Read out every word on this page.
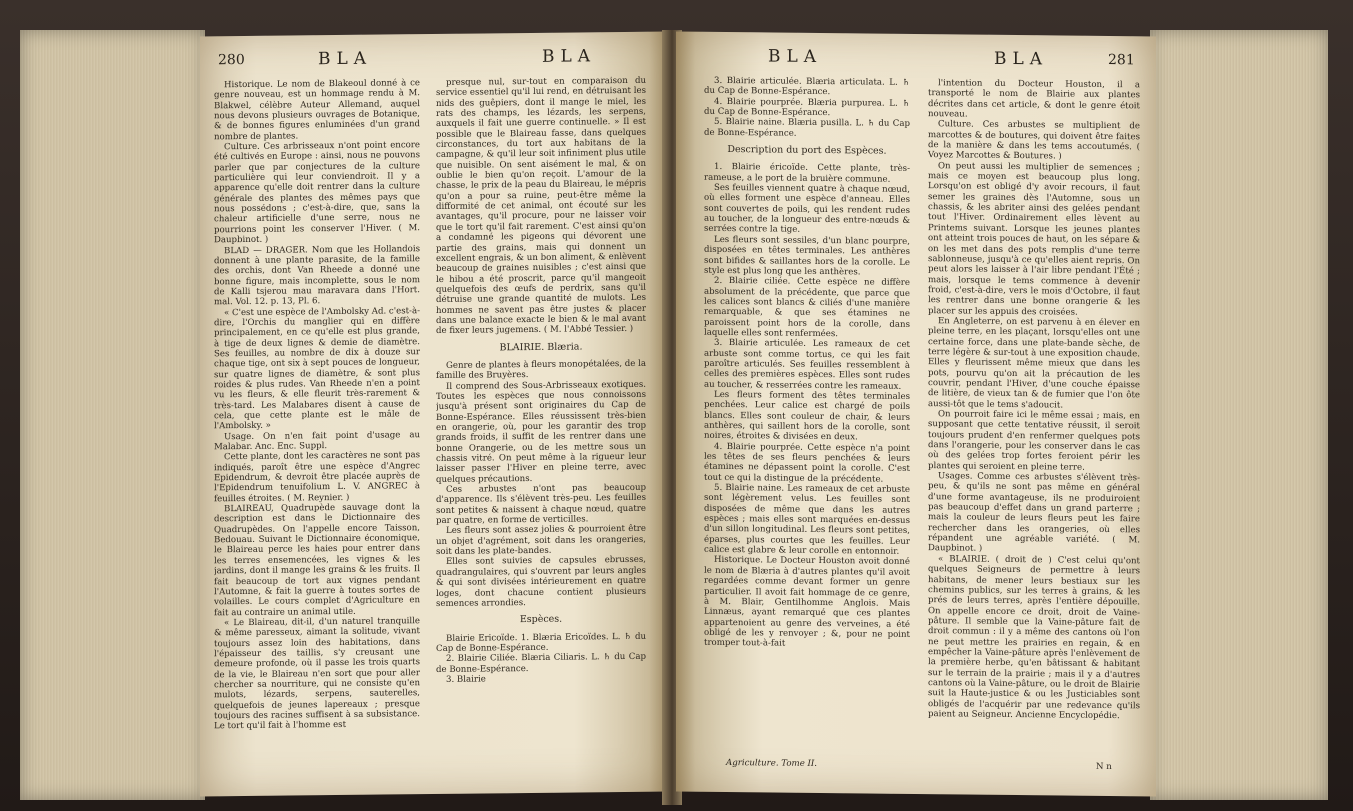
280	BLA	BLA

Historique. Le nom de Blakeoul donné à ce genre nouveau, est un hommage rendu à M. Blakwel, célèbre Auteur Allemand, auquel nous devons plusieurs ouvrages de Botanique, & de bonnes figures enluminées d'un grand nombre de plantes.

Culture. Ces arbrisseaux n'ont point encore été cultivés en Europe : ainsi, nous ne pouvons parler que par conjectures de la culture particulière qui leur conviendroit. Il y a apparence qu'elle doit rentrer dans la culture générale des plantes des mêmes pays que nous possédons ; c'est-à-dire, que, sans la chaleur artificielle d'une serre, nous ne pourrions point les conserver l'Hiver. ( M. Daupbinot. )

BLAD — DRAGER. Nom que les Hollandois donnent à une plante parasite, de la famille des orchis, dont Van Rheede a donné une bonne figure, mais incomplette, sous le nom de Kalli tsjerou mau maravara dans l'Hort. mal. Vol. 12. p. 13, Pl. 6.

« C'est une espèce de l'Ambolsky Ad. c'est-à-dire, l'Orchis du manglier qui en diffère principalement, en ce qu'elle est plus grande, à tige de deux lignes & demie de diamètre. Ses feuilles, au nombre de dix à douze sur chaque tige, ont six à sept pouces de longueur, sur quatre lignes de diamètre, & sont plus roides & plus rudes. Van Rheede n'en a point vu les fleurs, & elle fleurit très-rarement & très-tard. Les Malabares disent à cause de cela, que cette plante est le mâle de l'Ambolsky. »

Usage. On n'en fait point d'usage au Malabar. Anc. Enc. Suppl.

Cette plante, dont les caractères ne sont pas indiqués, paroît être une espèce d'Angrec Epidendrum, & devroit être placée auprès de l'Epidendrum tenuifolium L. V. ANGREC à feuilles étroites. ( M. Reynier. )

BLAIREAU, Quadrupède sauvage dont la description est dans le Dictionnaire des Quadrupèdes. On l'appelle encore Taisson, Bedouau. Suivant le Dictionnaire économique, le Blaireau perce les haies pour entrer dans les terres ensemencées, les vignes & les jardins, dont il mange les grains & les fruits. Il fait beaucoup de tort aux vignes pendant l'Automne, & fait la guerre à toutes sortes de volailles. Le cours complet d'Agriculture en fait au contraire un animal utile.

« Le Blaireau, dit-il, d'un naturel tranquille & même paresseux, aimant la solitude, vivant toujours assez loin des habitations, dans l'épaisseur des taillis, s'y creusant une demeure profonde, où il passe les trois quarts de la vie, le Blaireau n'en sort que pour aller chercher sa nourriture, qui ne consiste qu'en mulots, lézards, serpens, sauterelles, quelquefois de jeunes lapereaux ; presque toujours des racines suffisent à sa subsistance. Le tort qu'il fait à l'homme est

presque nul, sur-tout en comparaison du service essentiel qu'il lui rend, en détruisant les nids des guêpiers, dont il mange le miel, les rats des champs, les lézards, les serpens, auxquels il fait une guerre continuelle. » Il est possible que le Blaireau fasse, dans quelques circonstances, du tort aux habitans de la campagne, & qu'il leur soit infiniment plus utile que nuisible. On sent aisément le mal, & on oublie le bien qu'on reçoit. L'amour de la chasse, le prix de la peau du Blaireau, le mépris qu'on a pour sa ruine, peut-être même la difformité de cet animal, ont écouté sur les avantages, qu'il procure, pour ne laisser voir que le tort qu'il fait rarement. C'est ainsi qu'on a condamné les pigeons qui dévorent une partie des grains, mais qui donnent un excellent engrais, & un bon aliment, & enlèvent beaucoup de graines nuisibles ; c'est ainsi que le hibou a été proscrit, parce qu'il mangeoit quelquefois des œufs de perdrix, sans qu'il détruise une grande quantité de mulots. Les hommes ne savent pas être justes & placer dans une balance exacte le bien & le mal avant de fixer leurs jugemens. ( M. l'Abbé Tessier. )

BLAIRIE. Blæria.

Genre de plantes à fleurs monopétalées, de la famille des Bruyères.

Il comprend des Sous-Arbrisseaux exotiques. Toutes les espèces que nous connoissons jusqu'à présent sont originaires du Cap de Bonne-Espérance. Elles réussissent très-bien en orangerie, où, pour les garantir des trop grands froids, il suffit de les rentrer dans une bonne Orangerie, ou de les mettre sous un chassis vitré. On peut même à la rigueur leur laisser passer l'Hiver en pleine terre, avec quelques précautions.

Ces arbustes n'ont pas beaucoup d'apparence. Ils s'élèvent très-peu. Les feuilles sont petites & naissent à chaque nœud, quatre par quatre, en forme de verticilles.

Les fleurs sont assez jolies & pourroient être un objet d'agrément, soit dans les orangeries, soit dans les plate-bandes.

Elles sont suivies de capsules ebrusses, quadrangulaires, qui s'ouvrent par leurs angles & qui sont divisées intérieurement en quatre loges, dont chacune contient plusieurs semences arrondies.

Espèces.

Blairie Ericoïde. 1. Blæria Ericoïdes. L. ♄ du Cap de Bonne-Espérance.

2. Blairie Ciliée. Blæria Ciliaris. L. ♄ du Cap de Bonne-Espérance.

3. Blairie

BLA	BLA	281

3. Blairie articulée. Blæria articulata. L. ♄ du Cap de Bonne-Espérance.

4. Blairie pourprée. Blæria purpurea. L. ♄ du Cap de Bonne-Espérance.

5. Blairie naine. Blæria pusilla. L. ♄ du Cap de Bonne-Espérance.

Description du port des Espèces.

1. Blairie éricoïde. Cette plante, très-rameuse, a le port de la bruière commune.

Ses feuilles viennent quatre à chaque nœud, où elles forment une espèce d'anneau. Elles sont couvertes de poils, qui les rendent rudes au toucher, de la longueur des entre-nœuds & serrées contre la tige.

Les fleurs sont sessiles, d'un blanc pourpre, disposées en têtes terminales. Les anthères sont bifides & saillantes hors de la corolle. Le style est plus long que les anthères.

2. Blairie ciliée. Cette espèce ne diffère absolument de la précédente, que parce que les calices sont blancs & ciliés d'une manière remarquable, & que ses étamines ne paroissent point hors de la corolle, dans laquelle elles sont renfermées.

3. Blairie articulée. Les rameaux de cet arbuste sont comme tortus, ce qui les fait paroître articulés. Ses feuilles ressemblent à celles des premières espèces. Elles sont rudes au toucher, & resserrées contre les rameaux.

Les fleurs forment des têtes terminales penchées. Leur calice est chargé de poils blancs. Elles sont couleur de chair, & leurs anthères, qui saillent hors de la corolle, sont noires, étroites & divisées en deux.

4. Blairie pourprée. Cette espèce n'a point les têtes de ses fleurs penchées & leurs étamines ne dépassent point la corolle. C'est tout ce qui la distingue de la précédente.

5. Blairie naine. Les rameaux de cet arbuste sont légèrement velus. Les feuilles sont disposées de même que dans les autres espèces ; mais elles sont marquées en-dessus d'un sillon longitudinal. Les fleurs sont petites, éparses, plus courtes que les feuilles. Leur calice est glabre & leur corolle en entonnoir.

Historique. Le Docteur Houston avoit donné le nom de Blæria à d'autres plantes qu'il avoit regardées comme devant former un genre particulier. Il avoit fait hommage de ce genre, à M. Blair, Gentilhomme Anglois. Mais Linnæus, ayant remarqué que ces plantes appartenoient au genre des verveines, a été obligé de les y renvoyer ; &, pour ne point tromper tout-à-fait

l'intention du Docteur Houston, il a transporté le nom de Blairie aux plantes décrites dans cet article, & dont le genre étoit nouveau.

Culture. Ces arbustes se multiplient de marcottes & de boutures, qui doivent être faites de la manière & dans les tems accoutumés. ( Voyez Marcottes & Boutures. )

On peut aussi les multiplier de semences ; mais ce moyen est beaucoup plus long. Lorsqu'on est obligé d'y avoir recours, il faut semer les graines dès l'Automne, sous un chassis, & les abriter ainsi des gelées pendant tout l'Hiver. Ordinairement elles lèvent au Printems suivant. Lorsque les jeunes plantes ont atteint trois pouces de haut, on les sépare & on les met dans des pots remplis d'une terre sablonneuse, jusqu'à ce qu'elles aient repris. On peut alors les laisser à l'air libre pendant l'Été ; mais, lorsque le tems commence à devenir froid, c'est-à-dire, vers le mois d'Octobre, il faut les rentrer dans une bonne orangerie & les placer sur les appuis des croisées.

En Angleterre, on est parvenu à en élever en pleine terre, en les plaçant, lorsqu'elles ont une certaine force, dans une plate-bande sèche, de terre légère & sur-tout à une exposition chaude. Elles y fleurissent même mieux que dans les pots, pourvu qu'on ait la précaution de les couvrir, pendant l'Hiver, d'une couche épaisse de litière, de vieux tan & de fumier que l'on ôte aussi-tôt que le tems s'adoucit.

On pourroit faire ici le même essai ; mais, en supposant que cette tentative réussit, il seroit toujours prudent d'en renfermer quelques pots dans l'orangerie, pour les conserver dans le cas où des gelées trop fortes feroient périr les plantes qui seroient en pleine terre.

Usages. Comme ces arbustes s'élèvent très-peu, & qu'ils ne sont pas même en général d'une forme avantageuse, ils ne produiroient pas beaucoup d'effet dans un grand parterre ; mais la couleur de leurs fleurs peut les faire rechercher dans les orangeries, où elles répandent une agréable variété. ( M. Daupbinot. )

« BLAIRIE. ( droit de ) C'est celui qu'ont quelques Seigneurs de permettre à leurs habitans, de mener leurs bestiaux sur les chemins publics, sur les terres à grains, & les prés de leurs terres, après l'entière dépouille. On appelle encore ce droit, droit de Vaine-pâture. Il semble que la Vaine-pâture fait de droit commun : il y a même des cantons où l'on ne peut mettre les prairies en regain, & en empêcher la Vaine-pâture après l'enlèvement de la première herbe, qu'en bâtissant & habitant sur le terrain de la prairie ; mais il y a d'autres cantons où la Vaine-pâture, ou le droit de Blairie suit la Haute-justice & ou les Justiciables sont obligés de l'acquérir par une redevance qu'ils paient au Seigneur. Ancienne Encyclopédie.

Agriculture. Tome II.	N n
